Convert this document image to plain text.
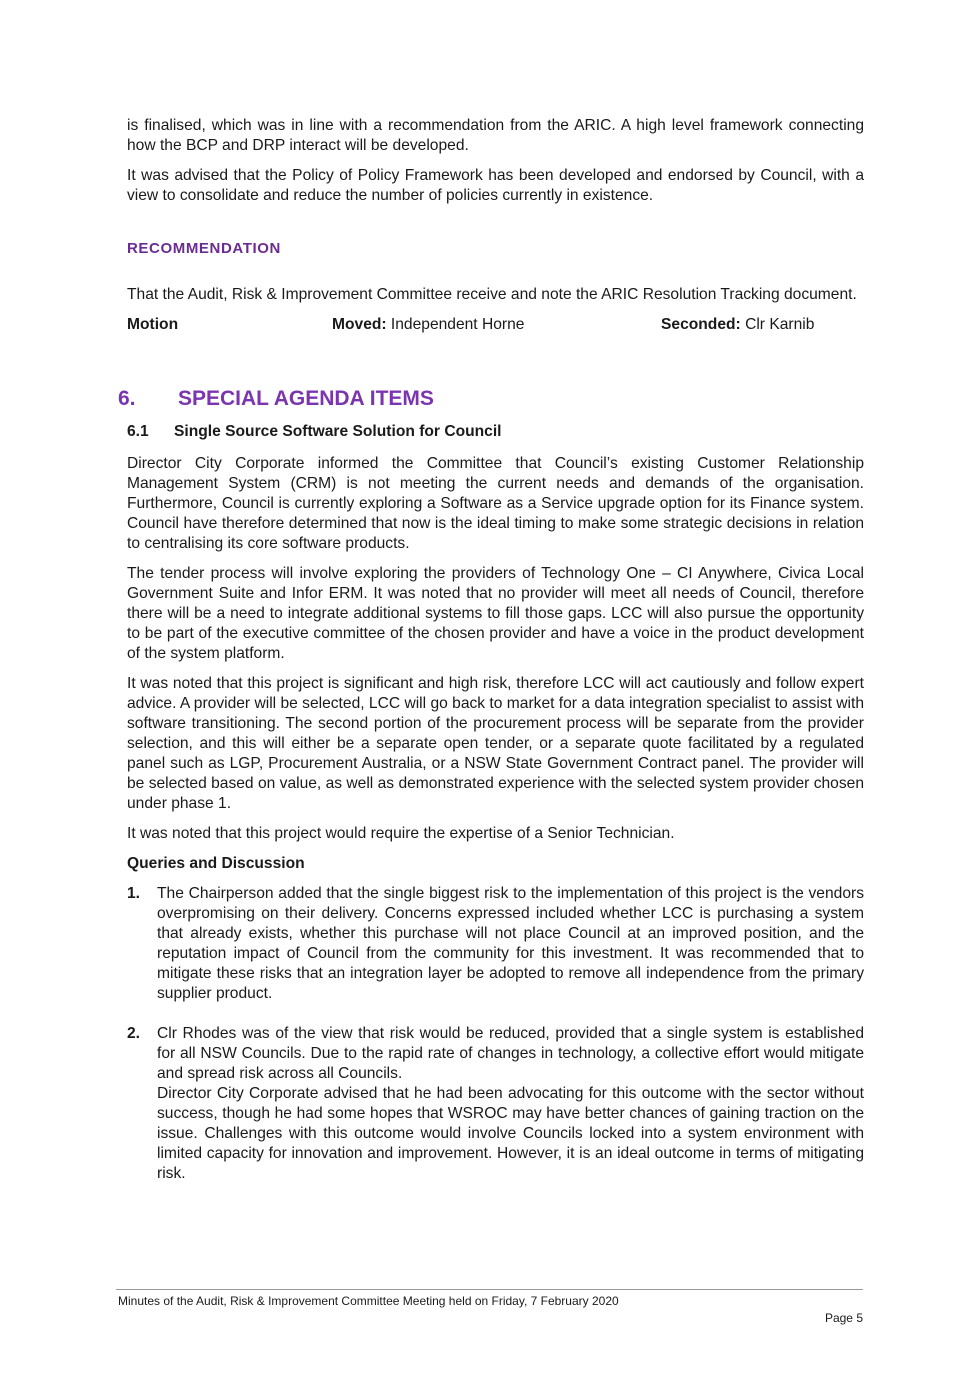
is finalised, which was in line with a recommendation from the ARIC. A high level framework connecting how the BCP and DRP interact will be developed.

It was advised that the Policy of Policy Framework has been developed and endorsed by Council, with a view to consolidate and reduce the number of policies currently in existence.

RECOMMENDATION

That the Audit, Risk & Improvement Committee receive and note the ARIC Resolution Tracking document.

Motion	Moved: Independent Horne	Seconded: Clr Karnib
6. SPECIAL AGENDA ITEMS
6.1 Single Source Software Solution for Council

Director City Corporate informed the Committee that Council’s existing Customer Relationship Management System (CRM) is not meeting the current needs and demands of the organisation. Furthermore, Council is currently exploring a Software as a Service upgrade option for its Finance system. Council have therefore determined that now is the ideal timing to make some strategic decisions in relation to centralising its core software products.

The tender process will involve exploring the providers of Technology One – CI Anywhere, Civica Local Government Suite and Infor ERM. It was noted that no provider will meet all needs of Council, therefore there will be a need to integrate additional systems to fill those gaps. LCC will also pursue the opportunity to be part of the executive committee of the chosen provider and have a voice in the product development of the system platform.

It was noted that this project is significant and high risk, therefore LCC will act cautiously and follow expert advice. A provider will be selected, LCC will go back to market for a data integration specialist to assist with software transitioning. The second portion of the procurement process will be separate from the provider selection, and this will either be a separate open tender, or a separate quote facilitated by a regulated panel such as LGP, Procurement Australia, or a NSW State Government Contract panel. The provider will be selected based on value, as well as demonstrated experience with the selected system provider chosen under phase 1.

It was noted that this project would require the expertise of a Senior Technician.

Queries and Discussion
1. The Chairperson added that the single biggest risk to the implementation of this project is the vendors overpromising on their delivery. Concerns expressed included whether LCC is purchasing a system that already exists, whether this purchase will not place Council at an improved position, and the reputation impact of Council from the community for this investment. It was recommended that to mitigate these risks that an integration layer be adopted to remove all independence from the primary supplier product.

2. Clr Rhodes was of the view that risk would be reduced, provided that a single system is established for all NSW Councils. Due to the rapid rate of changes in technology, a collective effort would mitigate and spread risk across all Councils.

Director City Corporate advised that he had been advocating for this outcome with the sector without success, though he had some hopes that WSROC may have better chances of gaining traction on the issue. Challenges with this outcome would involve Councils locked into a system environment with limited capacity for innovation and improvement. However, it is an ideal outcome in terms of mitigating risk.

Minutes of the Audit, Risk & Improvement Committee Meeting held on Friday, 7 February 2020
Page 5
